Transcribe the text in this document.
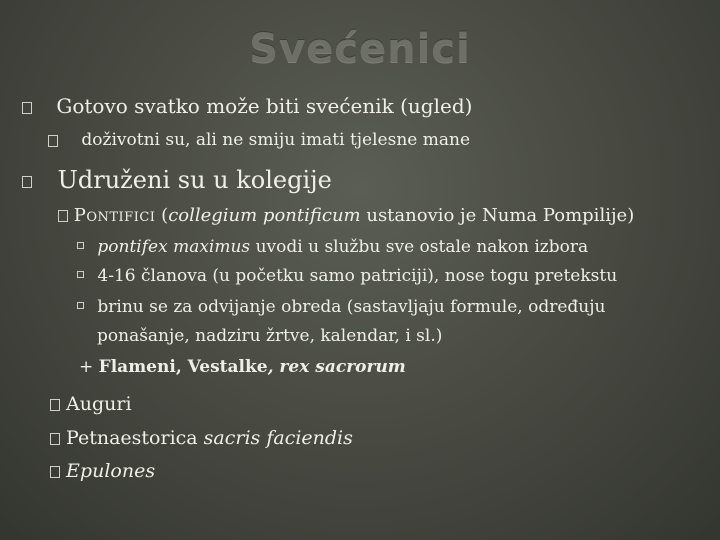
Svećenici
Gotovo svatko može biti svećenik (ugled)
doživotni su, ali ne smiju imati tjelesne mane
Udruženi su u kolegije
Pontifici (collegium pontificum ustanovio je Numa Pompilije)
pontifex maximus uvodi u službu sve ostale nakon izbora
4-16 članova (u početku samo patriciji), nose togu pretekstu
brinu se za odvijanje obreda (sastavljaju formule, određuju
ponašanje, nadziru žrtve, kalendar, i sl.)
+ Flameni, Vestalke, rex sacrorum
Auguri
Petnaestorica sacris faciendis
Epulones
